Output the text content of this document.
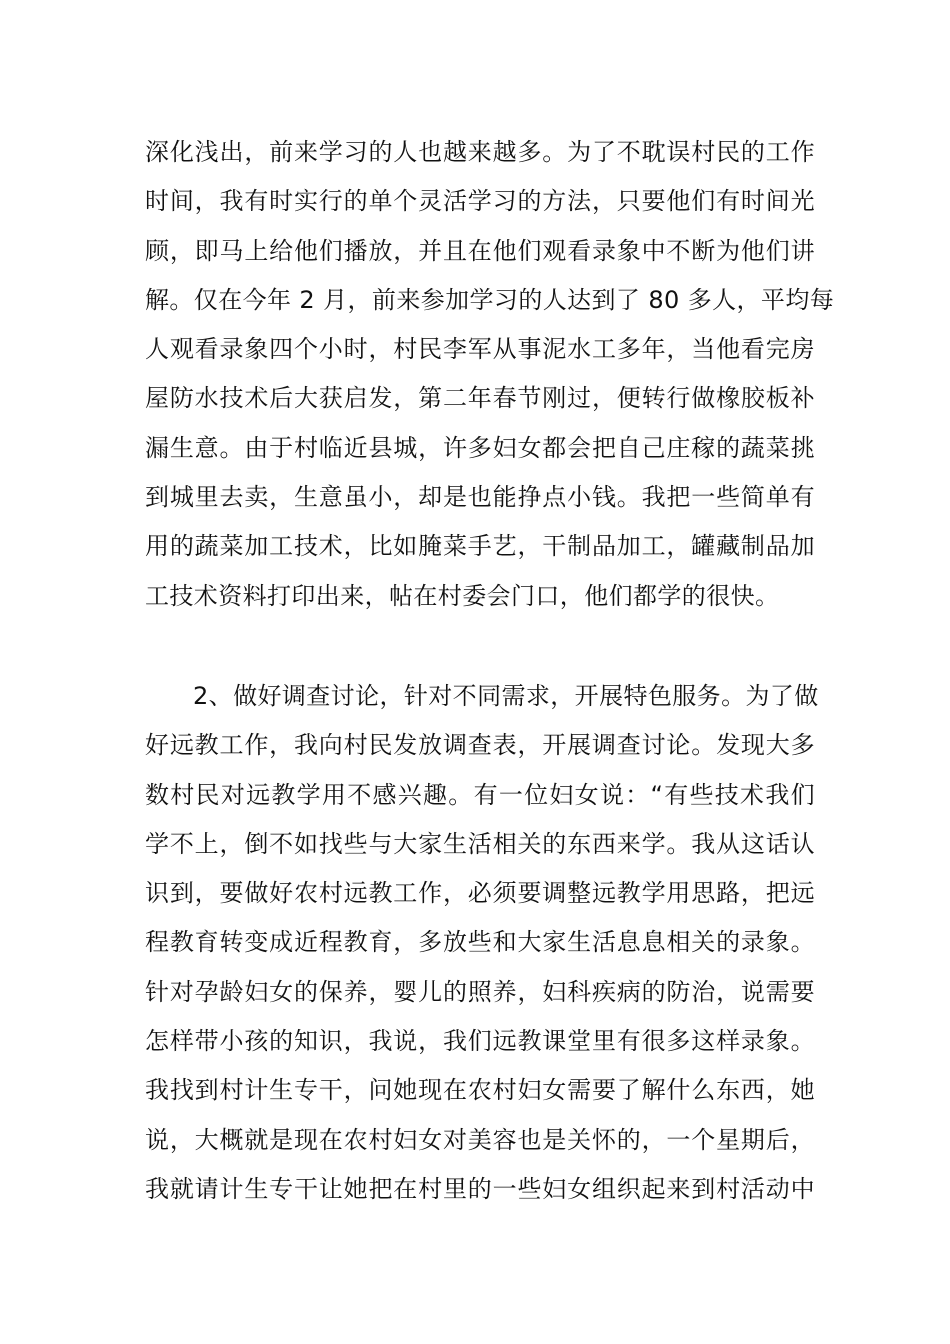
深化浅出，前来学习的人也越来越多。为了不耽误村民的工作
时间，我有时实行的单个灵活学习的方法，只要他们有时间光
顾，即马上给他们播放，并且在他们观看录象中不断为他们讲
解。仅在今年 2 月，前来参加学习的人达到了 80 多人，平均每
人观看录象四个小时，村民李军从事泥水工多年，当他看完房
屋防水技术后大获启发，第二年春节刚过，便转行做橡胶板补
漏生意。由于村临近县城，许多妇女都会把自己庄稼的蔬菜挑
到城里去卖，生意虽小，却是也能挣点小钱。我把一些简单有
用的蔬菜加工技术，比如腌菜手艺，干制品加工，罐藏制品加
工技术资料打印出来，帖在村委会门口，他们都学的很快。
2、做好调查讨论，针对不同需求，开展特色服务。为了做
好远教工作，我向村民发放调查表，开展调查讨论。发现大多
数村民对远教学用不感兴趣。有一位妇女说：“有些技术我们
学不上，倒不如找些与大家生活相关的东西来学。我从这话认
识到，要做好农村远教工作，必须要调整远教学用思路，把远
程教育转变成近程教育，多放些和大家生活息息相关的录象。
针对孕龄妇女的保养，婴儿的照养，妇科疾病的防治，说需要
怎样带小孩的知识，我说，我们远教课堂里有很多这样录象。
我找到村计生专干，问她现在农村妇女需要了解什么东西，她
说，大概就是现在农村妇女对美容也是关怀的，一个星期后，
我就请计生专干让她把在村里的一些妇女组织起来到村活动中
